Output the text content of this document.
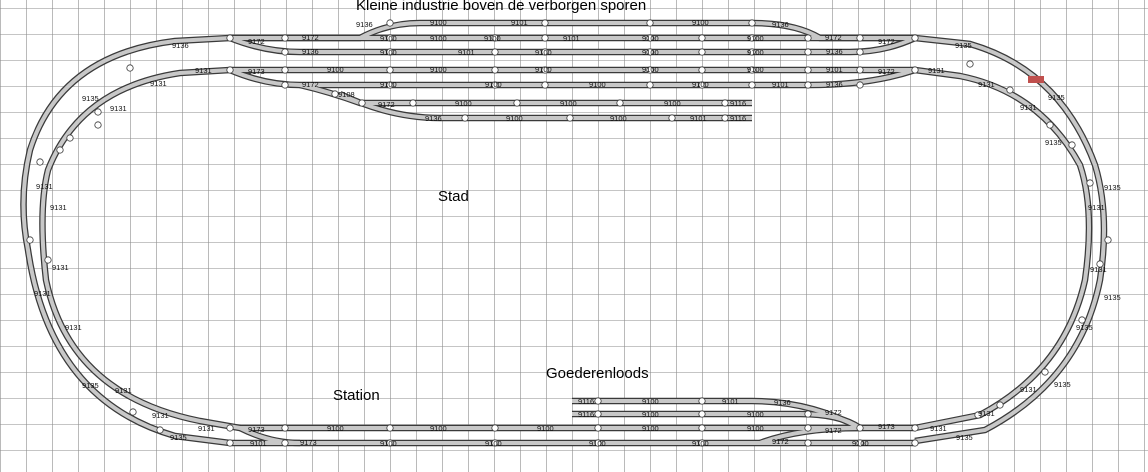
9100	9101	9100
9136	9136
9100	9100	9100	9101	9100	9100
9172	9172	9172	9172
9136	9136
9100	9101	9100	9100	9100
9100	9100	9100	9100	9100	9101
9173	9172
9131	9131
9131
9172	9100	9100	9100	9100	9101	9136
9108
9172
9136
9100	9100	9100	9116
9100	9100	9101	9116
9136	9135
9131
9135
9135
9131	9131
9135
9131
9131
9135
9131
9131
9131
9135
9131
9131	9135
9135
9131	9131
9135
9131	9131
9116	9100	9101	9136
9116	9100	9100	9172
9131	9173	9100	9100	9100	9100	9100	9172	9173	9131
9135
9101	9173	9100	9100	9100	9100	9172	9100
9135
Kleine industrie boven de verborgen sporen
Stad
Station
Goederenloods
